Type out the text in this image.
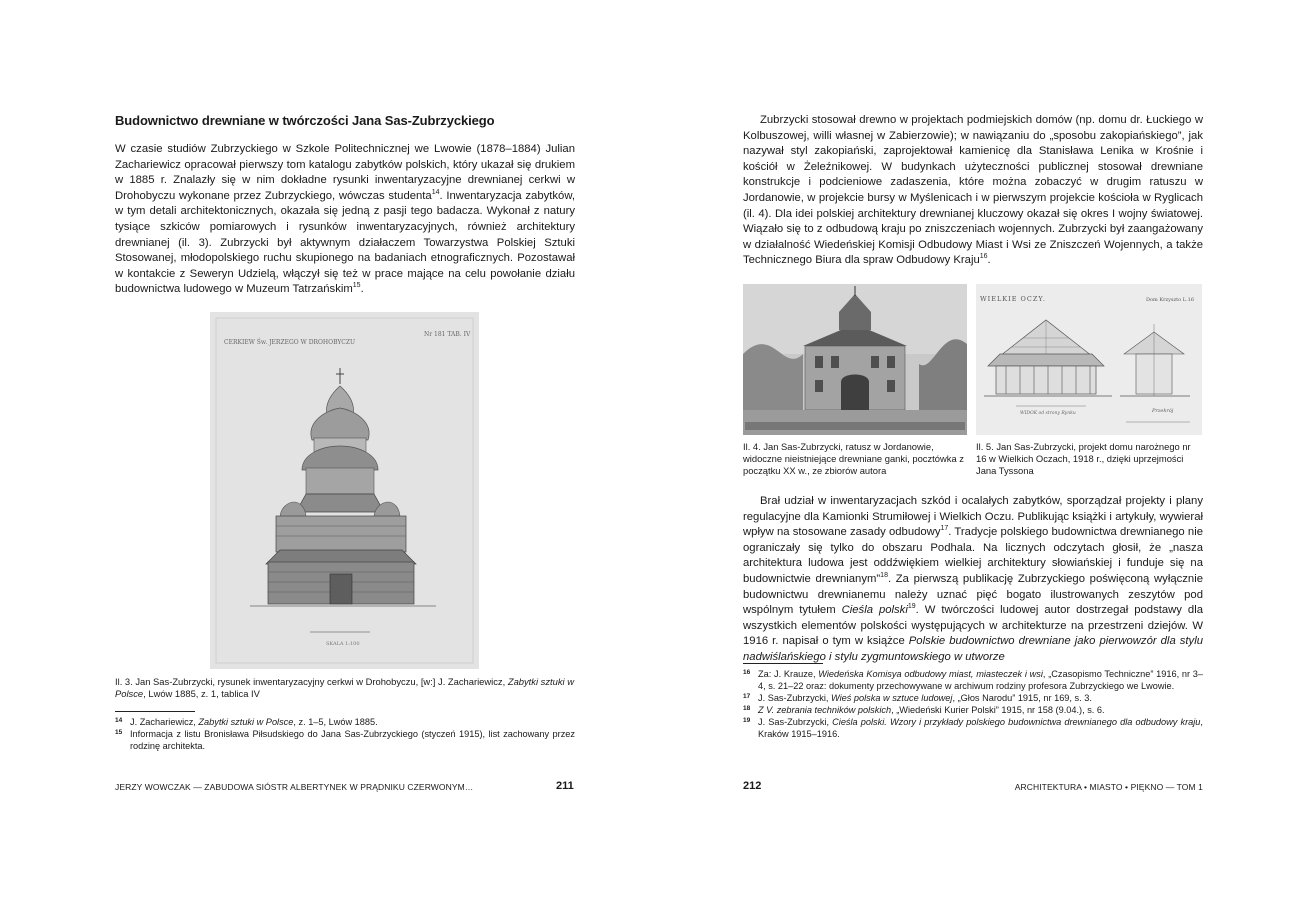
Budownictwo drewniane w twórczości Jana Sas-Zubrzyckiego

W czasie studiów Zubrzyckiego w Szkole Politechnicznej we Lwowie (1878–1884) Julian Zachariewicz opracował pierwszy tom katalogu zabytków polskich, który ukazał się drukiem w 1885 r. Znalazły się w nim dokładne rysunki inwentaryzacyjne drewnianej cerkwi w Drohobyczu wykonane przez Zubrzyckiego, wówczas studenta$^{14}$. Inwentaryzacja zabytków, w tym detali architektonicznych, okazała się jedną z pasji tego badacza. Wykonał z natury tysiące szkiców pomiarowych i rysunków inwentaryzacyjnych, również architektury drewnianej (il. 3). Zubrzycki był aktywnym działaczem Towarzystwa Polskiej Sztuki Stosowanej, młodopolskiego ruchu skupionego na badaniach etnograficznych. Pozostawał w kontakcie z Seweryn Udzielą, włączył się też w prace mające na celu powołanie działu budownictwa ludowego w Muzeum Tatrzańskim$^{15}$.

CERKIEW Św. JERZEGO W DROHOBYCZU
Nr 181 TAB. IV
SKALA 1:100

Il. 3. Jan Sas-Zubrzycki, rysunek inwentaryzacyjny cerkwi w Drohobyczu, [w:] J. Zachariewicz, Zabytki sztuki w Polsce, Lwów 1885, z. 1, tablica IV

14 J. Zachariewicz, Zabytki sztuki w Polsce, z. 1–5, Lwów 1885.
15 Informacja z listu Bronisława Piłsudskiego do Jana Sas-Zubrzyckiego (styczeń 1915), list zachowany przez rodzinę architekta.
JERZY WOWCZAK — ZABUDOWA SIÓSTR ALBERTYNEK W PRĄDNIKU CZERWONYM…	211

Zubrzycki stosował drewno w projektach podmiejskich domów (np. domu dr. Łuckiego w Kolbuszowej, willi własnej w Zabierzowie); w nawiązaniu do „sposobu zakopiańskiego”, jak nazywał styl zakopiański, zaprojektował kamienicę dla Stanisława Lenika w Krośnie i kościół w Żeleźnikowej. W budynkach użyteczności publicznej stosował drewniane konstrukcje i podcieniowe zadaszenia, które można zobaczyć w drugim ratuszu w Jordanowie, w projekcie bursy w Myślenicach i w pierwszym projekcie kościoła w Ryglicach (il. 4). Dla idei polskiej architektury drewnianej kluczowy okazał się okres I wojny światowej. Wiązało się to z odbudową kraju po zniszczeniach wojennych. Zubrzycki był zaangażowany w działalność Wiedeńskiej Komisji Odbudowy Miast i Wsi ze Zniszczeń Wojennych, a także Technicznego Biura dla spraw Odbudowy Kraju$^{16}$.

WIELKIE OCZY.	Dom Krzyszto L.16
WIDOK od strony Rynku	Przekrój

Il. 4. Jan Sas-Zubrzycki, ratusz w Jordanowie, widoczne nieistniejące drewniane ganki, pocztówka z początku XX w., ze zbiorów autora

Il. 5. Jan Sas-Zubrzycki, projekt domu narożnego nr 16 w Wielkich Oczach, 1918 r., dzięki uprzejmości Jana Tyssona

Brał udział w inwentaryzacjach szkód i ocalałych zabytków, sporządzał projekty i plany regulacyjne dla Kamionki Strumiłowej i Wielkich Oczu. Publikując książki i artykuły, wywierał wpływ na stosowane zasady odbudowy$^{17}$. Tradycje polskiego budownictwa drewnianego nie ograniczały się tylko do obszaru Podhala. Na licznych odczytach głosił, że „nasza architektura ludowa jest oddźwiękiem wielkiej architektury słowiańskiej i funduje się na budownictwie drewnianym”$^{18}$. Za pierwszą publikację Zubrzyckiego poświęconą wyłącznie budownictwu drewnianemu należy uznać pięć bogato ilustrowanych zeszytów pod wspólnym tytułem Cieśla polski$^{19}$. W twórczości ludowej autor dostrzegał podstawy dla wszystkich elementów polskości występujących w architekturze na przestrzeni dziejów. W 1916 r. napisał o tym w książce Polskie budownictwo drewniane jako pierwowzór dla stylu nadwiślańskiego i stylu zygmuntowskiego w utworze

16 Za: J. Krauze, Wiedeńska Komisya odbudowy miast, miasteczek i wsi, „Czasopismo Techniczne” 1916, nr 3–4, s. 21–22 oraz: dokumenty przechowywane w archiwum rodziny profesora Zubrzyckiego we Lwowie.
17 J. Sas-Zubrzycki, Wieś polska w sztuce ludowej, „Głos Narodu” 1915, nr 169, s. 3.
18 Z V. zebrania techników polskich, „Wiedeński Kurier Polski” 1915, nr 158 (9.04.), s. 6.
19 J. Sas-Zubrzycki, Cieśla polski. Wzory i przykłady polskiego budownictwa drewnianego dla odbudowy kraju, Kraków 1915–1916.
212	ARCHITEKTURA • MIASTO • PIĘKNO — TOM 1
